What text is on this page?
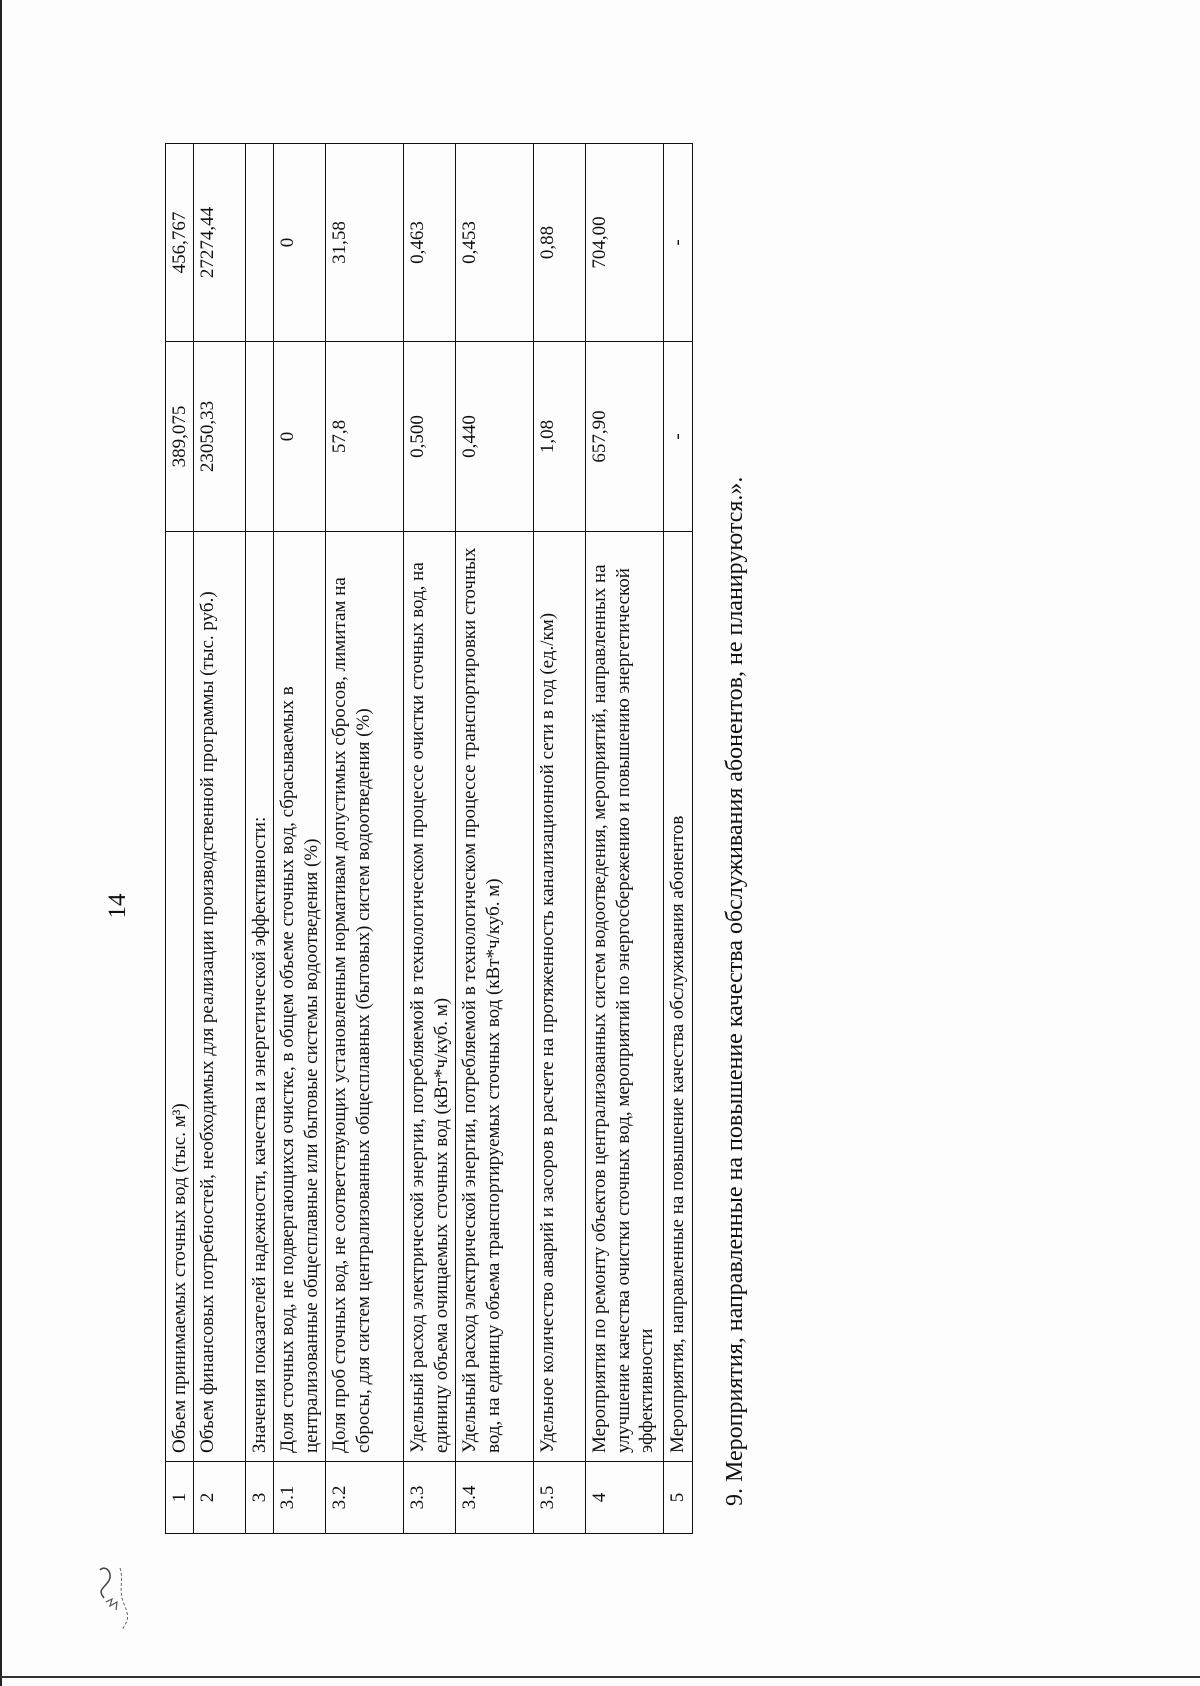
14
1	Объем принимаемых сточных вод (тыс. м³)	389,075	456,767
2	Объем финансовых потребностей, необходимых для реализации производственной программы (тыс. руб.)	23050,33	27274,44
3	Значения показателей надежности, качества и энергетической эффективности:		
3.1	Доля сточных вод, не подвергающихся очистке, в общем объеме сточных вод, сбрасываемых в централизованные общесплавные или бытовые системы водоотведения (%)	0	0
3.2	Доля проб сточных вод, не соответствующих установленным нормативам допустимых сбросов, лимитам на сбросы, для систем централизованных общесплавных (бытовых) систем водоотведения (%)	57,8	31,58
3.3	Удельный расход электрической энергии, потребляемой в технологическом процессе очистки сточных вод, на единицу объема очищаемых сточных вод (кВт*ч/куб. м)	0,500	0,463
3.4	Удельный расход электрической энергии, потребляемой в технологическом процессе транспортировки сточных вод, на единицу объема транспортируемых сточных вод (кВт*ч/куб. м)	0,440	0,453
3.5	Удельное количество аварий и засоров в расчете на протяженность канализационной сети в год (ед./км)	1,08	0,88
4	Мероприятия по ремонту объектов централизованных систем водоотведения, мероприятий, направленных на улучшение качества очистки сточных вод, мероприятий по энергосбережению и повышению энергетической эффективности	657,90	704,00
5	Мероприятия, направленные на повышение качества обслуживания абонентов	-	-
9. Мероприятия, направленные на повышение качества обслуживания абонентов, не планируются.».
